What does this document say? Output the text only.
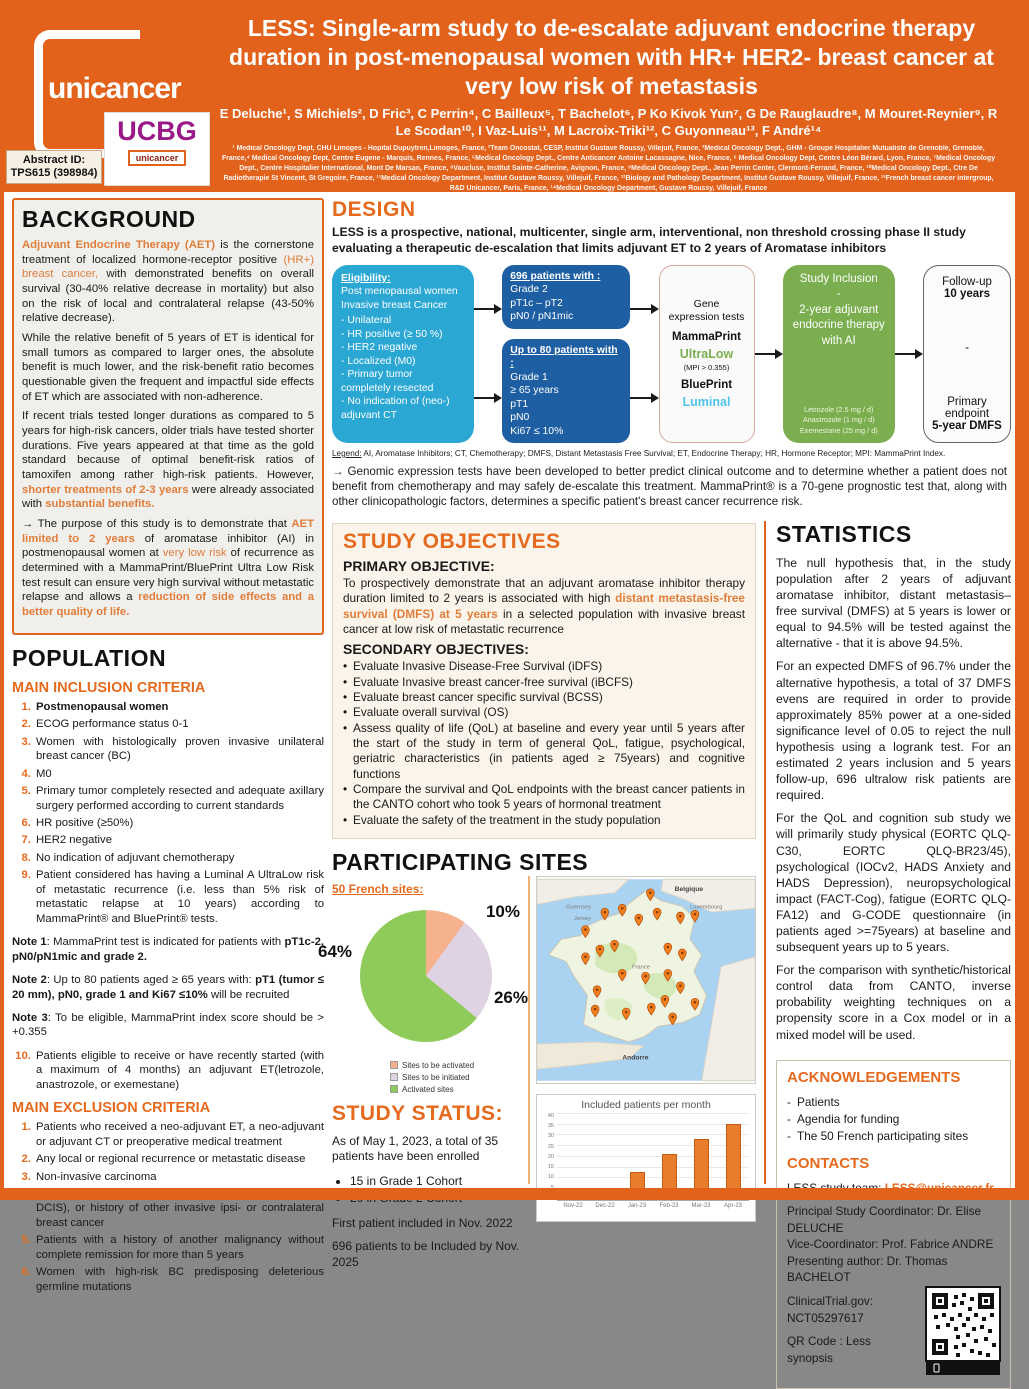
unicancer
UCBG
unicancer
Abstract ID:
TPS615 (398984)
LESS: Single-arm study to de-escalate adjuvant endocrine therapy duration in post-menopausal women with HR+ HER2- breast cancer at very low risk of metastasis
E Deluche¹, S Michiels², D Fric³, C Perrin⁴, C Bailleux⁵, T Bachelot⁶, P Ko Kivok Yun⁷, G De Rauglaudre⁸, M Mouret-Reynier⁹, R Le Scodan¹⁰, I Vaz-Luis¹¹, M Lacroix-Triki¹², C Guyonneau¹³, F André¹⁴
¹ Medical Oncology Dept, CHU Limoges - Hopital Dupuytren,Limoges, France, ²Team Oncostat, CESP, Institut Gustave Roussy, Villejuif, France, ³Medical Oncology Dept., GHM - Groupe Hospitalier Mutualiste de Grenoble, Grenoble, France,⁴ Medical Oncology Dept, Centre Eugene - Marquis, Rennes, France, ⁵Medical Oncology Dept., Centre Anticancer Antoine Lacassagne, Nice, France, ⁶ Medical Oncology Dept, Centre Léon Bérard, Lyon, France, ⁷Medical Oncology Dept., Centre Hospitalier International, Mont De Marsan, France, ⁸Vaucluse, Institut Sainte-Catherine, Avignon, France, ⁹Medical Oncology Dept., Jean Perrin Center, Clermont-Ferrand, France, ¹⁰Medical Oncology Dept., Ctre De Radiotherapie St Vincent, St Gregoire, France, ¹¹Medical Oncology Department, Institut Gustave Roussy, Villejuif, France, ¹²Biology and Pathology Department, Institut Gustave Roussy, Villejuif, France, ¹³French breast cancer intergroup, R&D Unicancer, Paris, France, ¹⁴Medical Oncology Department, Gustave Roussy, Villejuif, France
BACKGROUND

Adjuvant Endocrine Therapy (AET) is the cornerstone treatment of localized hormone-receptor positive (HR+) breast cancer, with demonstrated benefits on overall survival (30-40% relative decrease in mortality) but also on the risk of local and contralateral relapse (43-50% relative decrease).

While the relative benefit of 5 years of ET is identical for small tumors as compared to larger ones, the absolute benefit is much lower, and the risk-benefit ratio becomes questionable given the frequent and impactful side effects of ET which are associated with non-adherence.

If recent trials tested longer durations as compared to 5 years for high-risk cancers, older trials have tested shorter durations. Five years appeared at that time as the gold standard because of optimal benefit-risk ratios of tamoxifen among rather high-risk patients. However, shorter treatments of 2-3 years were already associated with substantial benefits.

→ The purpose of this study is to demonstrate that AET limited to 2 years of aromatase inhibitor (AI) in postmenopausal women at very low risk of recurrence as determined with a MammaPrint/BluePrint Ultra Low Risk test result can ensure very high survival without metastatic relapse and allows a reduction of side effects and a better quality of life.

POPULATION
MAIN INCLUSION CRITERIA
1. Postmenopausal women
2. ECOG performance status 0-1
3. Women with histologically proven invasive unilateral breast cancer (BC)
4. M0
5. Primary tumor completely resected and adequate axillary surgery performed according to current standards
6. HR positive (≥50%)
7. HER2 negative
8. No indication of adjuvant chemotherapy
9. Patient considered has having a Luminal A UltraLow risk of metastatic recurrence (i.e. less than 5% risk of metastatic relapse at 10 years) according to MammaPrint® and BluePrint® tests.

Note 1: MammaPrint test is indicated for patients with pT1c-2, pN0/pN1mic and grade 2.

Note 2: Up to 80 patients aged ≥ 65 years with: pT1 (tumor ≤ 20 mm), pN0, grade 1 and Ki67 ≤10% will be recruited

Note 3: To be eligible, MammaPrint index score should be > +0.355

10. Patients eligible to receive or have recently started (with a maximum of 4 months) an adjuvant ET(letrozole, anastrozole, or exemestane)
MAIN EXCLUSION CRITERIA
1. Patients who received a neo-adjuvant ET, a neo-adjuvant or adjuvant CT or preoperative medical treatment
2. Any local or regional recurrence or metastatic disease
3. Non-invasive carcinoma
4. DCIS), or history of other invasive ipsi- or contralateral breast cancer
5. Patients with a history of another malignancy without complete remission for more than 5 years
6. Women with high-risk BC predisposing deleterious germline mutations
DESIGN

LESS is a prospective, national, multicenter, single arm, interventional, non threshold crossing phase II study evaluating a therapeutic de-escalation that limits adjuvant ET to 2 years of Aromatase inhibitors

Eligibility:
Post menopausal women
Invasive breast Cancer
- Unilateral
- HR positive (≥ 50 %)
- HER2 negative
- Localized (M0)
- Primary tumor completely resected
- No indication of (neo-) adjuvant CT
696 patients with :
Grade 2
pT1c – pT2
pN0 / pN1mic
Up to 80 patients with :
Grade 1
≥ 65 years
pT1
pN0
Ki67 ≤ 10%
Gene expression tests
MammaPrint
UltraLow
(MPI > 0.355)
BluePrint
Luminal
Study Inclusion
-
2-year adjuvant endocrine therapy with AI
Letrozole (2.5 mg / d) Anastrozole (1 mg / d) Exemestane (25 mg / d)
Follow-up
10 years
-
Primary endpoint
5-year DMFS

Legend: AI, Aromatase Inhibitors; CT, Chemotherapy; DMFS, Distant Metastasis Free Survival; ET, Endocrine Therapy; HR, Hormone Receptor; MPI: MammaPrint Index.

→ Genomic expression tests have been developed to better predict clinical outcome and to determine whether a patient does not benefit from chemotherapy and may safely de-escalate this treatment. MammaPrint® is a 70-gene prognostic test that, along with other clinicopathologic factors, determines a specific patient's breast cancer recurrence risk.

STUDY OBJECTIVES
PRIMARY OBJECTIVE:

To prospectively demonstrate that an adjuvant aromatase inhibitor therapy duration limited to 2 years is associated with high distant metastasis-free survival (DMFS) at 5 years in a selected population with invasive breast cancer at low risk of metastatic recurrence

SECONDARY OBJECTIVES:
• Evaluate Invasive Disease-Free Survival (iDFS)
• Evaluate Invasive breast cancer-free survival (iBCFS)
• Evaluate breast cancer specific survival (BCSS)
• Evaluate overall survival (OS)
• Assess quality of life (QoL) at baseline and every year until 5 years after the start of the study in term of general QoL, fatigue, psychological, geriatric characteristics (in patients aged ≥ 75years) and cognitive functions
• Compare the survival and QoL endpoints with the breast cancer patients in the CANTO cohort who took 5 years of hormonal treatment
• Evaluate the safety of the treatment in the study population
PARTICIPATING SITES
50 French sites:
10%
26%
64%
Sites to be activated
Sites to be initiated
Activated sites
STUDY STATUS:

As of May 1, 2023, a total of 35 patients have been enrolled

• 15 in Grade 1 Cohort
•

First patient included in Nov. 2022

696 patients to be Included by Nov. 2025

Guernsey
Jersey
Belgique
Luxembourg
France
Andorre
Included patients per month
40
35
30
25
20
15
10
Nov-22 Dec-22 Jan-23 Feb-23 Mar-23 Apr-23
STATISTICS

The null hypothesis that, in the study population after 2 years of adjuvant aromatase inhibitor, distant metastasis–free survival (DMFS) at 5 years is lower or equal to 94.5% will be tested against the alternative - that it is above 94.5%.

For an expected DMFS of 96.7% under the alternative hypothesis, a total of 37 DMFS evens are required in order to provide approximately 85% power at a one-sided significance level of 0.05 to reject the null hypothesis using a logrank test. For an estimated 2 years inclusion and 5 years follow-up, 696 ultralow risk patients are required.

For the QoL and cognition sub study we will primarily study physical (EORTC QLQ-C30, EORTC QLQ-BR23/45), psychological (IOCv2, HADS Anxiety and HADS Depression), neuropsychological impact (FACT-Cog), fatigue (EORTC QLQ-FA12) and G-CODE questionnaire (in patients aged >=75years) at baseline and subsequent years up to 5 years.

For the comparison with synthetic/historical control data from CANTO, inverse probability weighting techniques on a propensity score in a Cox model or in a mixed model will be used.

ACKNOWLEDGEMENTS
- Patients
- Agendia for funding
- The 50 French participating sites
CONTACTS

Principal Study Coordinator: Dr. Elise DELUCHE
Vice-Coordinator: Prof. Fabrice ANDRE
Presenting author: Dr. Thomas BACHELOT

ClinicalTrial.gov:
NCT05297617

QR Code : Less synopsis
